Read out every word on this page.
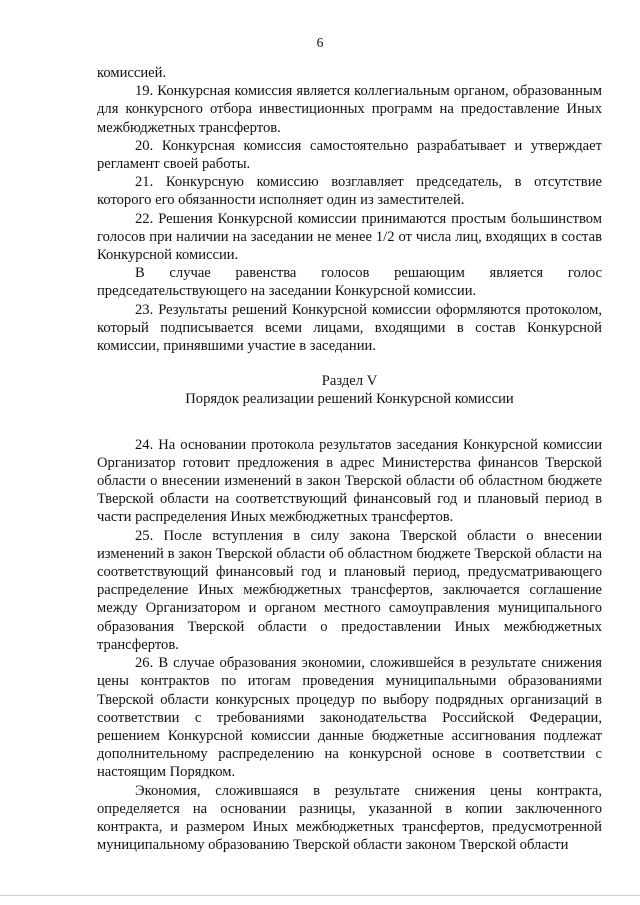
6

комиссией.

19. Конкурсная комиссия является коллегиальным органом, образованным для конкурсного отбора инвестиционных программ на предоставление Иных межбюджетных трансфертов.

20. Конкурсная комиссия самостоятельно разрабатывает и утверждает регламент своей работы.

21. Конкурсную комиссию возглавляет председатель, в отсутствие которого его обязанности исполняет один из заместителей.

22. Решения Конкурсной комиссии принимаются простым большинством голосов при наличии на заседании не менее 1/2 от числа лиц, входящих в состав Конкурсной комиссии.

В случае равенства голосов решающим является голос председательствующего на заседании Конкурсной комиссии.

23. Результаты решений Конкурсной комиссии оформляются протоколом, который подписывается всеми лицами, входящими в состав Конкурсной комиссии, принявшими участие в заседании.

Раздел V

Порядок реализации решений Конкурсной комиссии

24. На основании протокола результатов заседания Конкурсной комиссии Организатор готовит предложения в адрес Министерства финансов Тверской области о внесении изменений в закон Тверской области об областном бюджете Тверской области на соответствующий финансовый год и плановый период в части распределения Иных межбюджетных трансфертов.

25. После вступления в силу закона Тверской области о внесении изменений в закон Тверской области об областном бюджете Тверской области на соответствующий финансовый год и плановый период, предусматривающего распределение Иных межбюджетных трансфертов, заключается соглашение между Организатором и органом местного самоуправления муниципального образования Тверской области о предоставлении Иных межбюджетных трансфертов.

26. В случае образования экономии, сложившейся в результате снижения цены контрактов по итогам проведения муниципальными образованиями Тверской области конкурсных процедур по выбору подрядных организаций в соответствии с требованиями законодательства Российской Федерации, решением Конкурсной комиссии данные бюджетные ассигнования подлежат дополнительному распределению на конкурсной основе в соответствии с настоящим Порядком.

Экономия, сложившаяся в результате снижения цены контракта, определяется на основании разницы, указанной в копии заключенного контракта, и размером Иных межбюджетных трансфертов, предусмотренной муниципальному образованию Тверской области законом Тверской области
